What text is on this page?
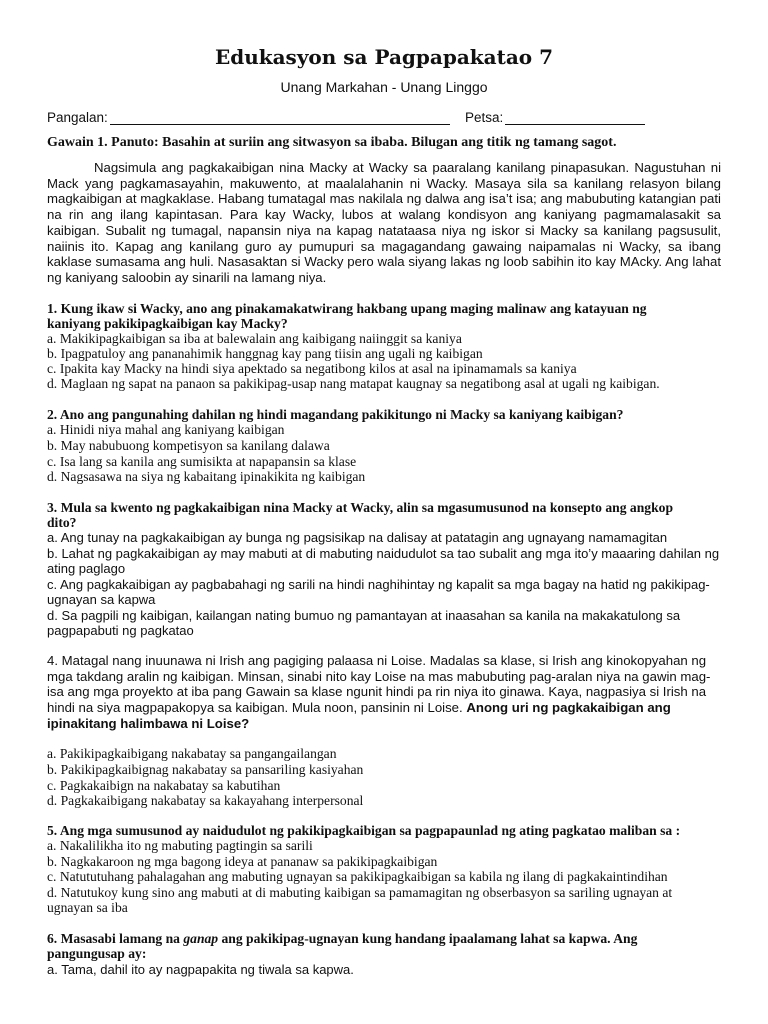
Edukasyon sa Pagpapakatao 7
Unang Markahan - Unang Linggo
Pangalan:	Petsa:
Gawain 1. Panuto: Basahin at suriin ang sitwasyon sa ibaba. Bilugan ang titik ng tamang sagot.
Nagsimula ang pagkakaibigan nina Macky at Wacky sa paaralang kanilang pinapasukan. Nagustuhan ni Mack yang pagkamasayahin, makuwento, at maalalahanin ni Wacky. Masaya sila sa kanilang relasyon bilang magkaibigan at magkaklase. Habang tumatagal mas nakilala ng dalwa ang isa’t isa; ang mabubuting katangian pati na rin ang ilang kapintasan. Para kay Wacky, lubos at walang kondisyon ang kaniyang pagmamalasakit sa kaibigan. Subalit ng tumagal, napansin niya na kapag natataasa niya ng iskor si Macky sa kanilang pagsusulit, naiinis ito. Kapag ang kanilang guro ay pumupuri sa magagandang gawaing naipamalas ni Wacky, sa ibang kaklase sumasama ang huli. Nasasaktan si Wacky pero wala siyang lakas ng loob sabihin ito kay MAcky. Ang lahat ng kaniyang saloobin ay sinarili na lamang niya.
1. Kung ikaw si Wacky, ano ang pinakamakatwirang hakbang upang maging malinaw ang katayuan ng
kaniyang pakikipagkaibigan kay Macky?
a. Makikipagkaibigan sa iba at balewalain ang kaibigang naiinggit sa kaniya
b. Ipagpatuloy ang pananahimik hanggnag kay pang tiisin ang ugali ng kaibigan
c. Ipakita kay Macky na hindi siya apektado sa negatibong kilos at asal na ipinamamals sa kaniya
d. Maglaan ng sapat na panaon sa pakikipag-usap nang matapat kaugnay sa negatibong asal at ugali ng kaibigan.
2. Ano ang pangunahing dahilan ng hindi magandang pakikitungo ni Macky sa kaniyang kaibigan?
a. Hinidi niya mahal ang kaniyang kaibigan
b. May nabubuong kompetisyon sa kanilang dalawa
c. Isa lang sa kanila ang sumisikta at napapansin sa klase
d. Nagsasawa na siya ng kabaitang ipinakikita ng kaibigan
3. Mula sa kwento ng pagkakaibigan nina Macky at Wacky, alin sa mgasumusunod na konsepto ang angkop
dito?
a. Ang tunay na pagkakaibigan ay bunga ng pagsisikap na dalisay at patatagin ang ugnayang namamagitan
b. Lahat ng pagkakaibigan ay may mabuti at di mabuting naidudulot sa tao subalit ang mga ito’y maaaring dahilan ng
ating paglago
c. Ang pagkakaibigan ay pagbabahagi ng sarili na hindi naghihintay ng kapalit sa mga bagay na hatid ng pakikipag-
ugnayan sa kapwa
d. Sa pagpili ng kaibigan, kailangan nating bumuo ng pamantayan at inaasahan sa kanila na makakatulong sa
pagpapabuti ng pagkatao
4. Matagal nang inuunawa ni Irish ang pagiging palaasa ni Loise. Madalas sa klase, si Irish ang kinokopyahan ng mga takdang aralin ng kaibigan. Minsan, sinabi nito kay Loise na mas mabubuting pag-aralan niya na gawin mag-isa ang mga proyekto at iba pang Gawain sa klase ngunit hindi pa rin niya ito ginawa. Kaya, nagpasiya si Irish na hindi na siya magpapakopya sa kaibigan. Mula noon, pansinin ni Loise. Anong uri ng pagkakaibigan ang ipinakitang halimbawa ni Loise?
a. Pakikipagkaibigang nakabatay sa pangangailangan
b. Pakikipagkaibignag nakabatay sa pansariling kasiyahan
c. Pagkakaibign na nakabatay sa kabutihan
d. Pagkakaibigang nakabatay sa kakayahang interpersonal
5. Ang mga sumusunod ay naidudulot ng pakikipagkaibigan sa pagpapaunlad ng ating pagkatao maliban sa :
a. Nakalilikha ito ng mabuting pagtingin sa sarili
b. Nagkakaroon ng mga bagong ideya at pananaw sa pakikipagkaibigan
c. Natututuhang pahalagahan ang mabuting ugnayan sa pakikipagkaibigan sa kabila ng ilang di pagkakaintindihan
d. Natutukoy kung sino ang mabuti at di mabuting kaibigan sa pamamagitan ng obserbasyon sa sariling ugnayan at
ugnayan sa iba
6. Masasabi lamang na ganap ang pakikipag-ugnayan kung handang ipaalamang lahat sa kapwa. Ang
pangungusap ay:
a. Tama, dahil ito ay nagpapakita ng tiwala sa kapwa.
